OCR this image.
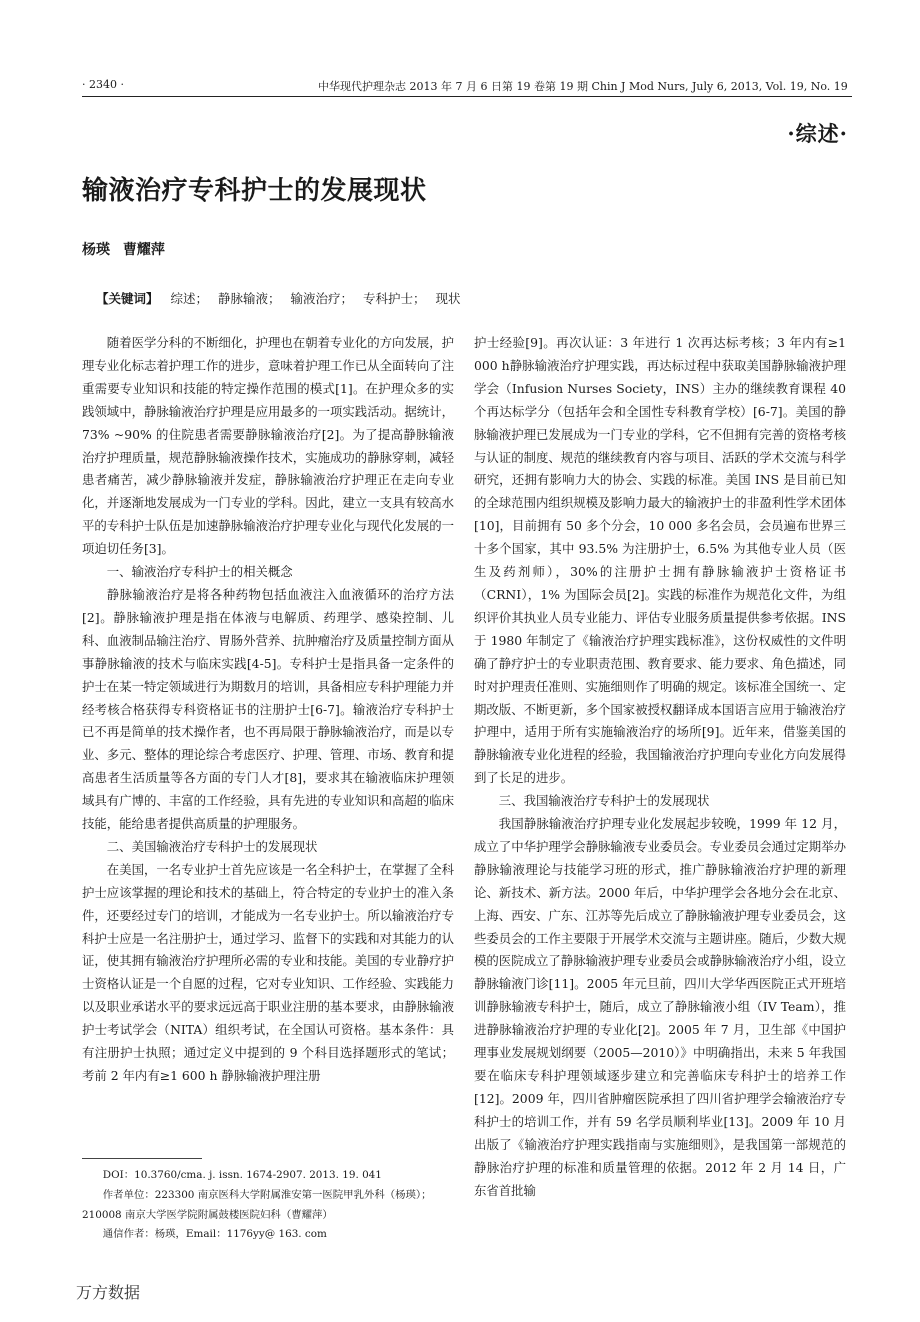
· 2340 ·	中华现代护理杂志 2013 年 7 月 6 日第 19 卷第 19 期 Chin J Mod Nurs, July 6, 2013, Vol. 19, No. 19
·综述·
输液治疗专科护士的发展现状
杨瑛 曹耀萍
【关键词】 综述； 静脉输液； 输液治疗； 专科护士； 现状

随着医学分科的不断细化，护理也在朝着专业化的方向发展，护理专业化标志着护理工作的进步，意味着护理工作已从全面转向了注重需要专业知识和技能的特定操作范围的模式[1]。在护理众多的实践领域中，静脉输液治疗护理是应用最多的一项实践活动。据统计，73% ~90% 的住院患者需要静脉输液治疗[2]。为了提高静脉输液治疗护理质量，规范静脉输液操作技术，实施成功的静脉穿刺，减轻患者痛苦，减少静脉输液并发症，静脉输液治疗护理正在走向专业化，并逐渐地发展成为一门专业的学科。因此，建立一支具有较高水平的专科护士队伍是加速静脉输液治疗护理专业化与现代化发展的一项迫切任务[3]。

一、输液治疗专科护士的相关概念

静脉输液治疗是将各种药物包括血液注入血液循环的治疗方法[2]。静脉输液护理是指在体液与电解质、药理学、感染控制、儿科、血液制品输注治疗、胃肠外营养、抗肿瘤治疗及质量控制方面从事静脉输液的技术与临床实践[4-5]。专科护士是指具备一定条件的护士在某一特定领域进行为期数月的培训，具备相应专科护理能力并经考核合格获得专科资格证书的注册护士[6-7]。输液治疗专科护士已不再是简单的技术操作者，也不再局限于静脉输液治疗，而是以专业、多元、整体的理论综合考虑医疗、护理、管理、市场、教育和提高患者生活质量等各方面的专门人才[8]，要求其在输液临床护理领域具有广博的、丰富的工作经验，具有先进的专业知识和高超的临床技能，能给患者提供高质量的护理服务。

二、美国输液治疗专科护士的发展现状

在美国，一名专业护士首先应该是一名全科护士，在掌握了全科护士应该掌握的理论和技术的基础上，符合特定的专业护士的准入条件，还要经过专门的培训，才能成为一名专业护士。所以输液治疗专科护士应是一名注册护士，通过学习、监督下的实践和对其能力的认证，使其拥有输液治疗护理所必需的专业和技能。美国的专业静疗护士资格认证是一个自愿的过程，它对专业知识、工作经验、实践能力以及职业承诺水平的要求远远高于职业注册的基本要求，由静脉输液护士考试学会（NITA）组织考试，在全国认可资格。基本条件：具有注册护士执照；通过定义中提到的 9 个科目选择题形式的笔试；考前 2 年内有≥1 600 h 静脉输液护理注册

护士经验[9]。再次认证：3 年进行 1 次再达标考核；3 年内有≥1 000 h静脉输液治疗护理实践，再达标过程中获取美国静脉输液护理学会（Infusion Nurses Society，INS）主办的继续教育课程 40 个再达标学分（包括年会和全国性专科教育学校）[6-7]。美国的静脉输液护理已发展成为一门专业的学科，它不但拥有完善的资格考核与认证的制度、规范的继续教育内容与项目、活跃的学术交流与科学研究，还拥有影响力大的协会、实践的标准。美国 INS 是目前已知的全球范围内组织规模及影响力最大的输液护士的非盈利性学术团体[10]，目前拥有 50 多个分会，10 000 多名会员，会员遍布世界三十多个国家，其中 93.5% 为注册护士，6.5% 为其他专业人员（医生及药剂师），30%的注册护士拥有静脉输液护士资格证书（CRNI），1% 为国际会员[2]。实践的标准作为规范化文件，为组织评价其执业人员专业能力、评估专业服务质量提供参考依据。INS 于 1980 年制定了《输液治疗护理实践标准》，这份权威性的文件明确了静疗护士的专业职责范围、教育要求、能力要求、角色描述，同时对护理责任准则、实施细则作了明确的规定。该标准全国统一、定期改版、不断更新，多个国家被授权翻译成本国语言应用于输液治疗护理中，适用于所有实施输液治疗的场所[9]。近年来，借鉴美国的静脉输液专业化进程的经验，我国输液治疗护理向专业化方向发展得到了长足的进步。

三、我国输液治疗专科护士的发展现状

我国静脉输液治疗护理专业化发展起步较晚，1999 年 12 月，成立了中华护理学会静脉输液专业委员会。专业委员会通过定期举办静脉输液理论与技能学习班的形式，推广静脉输液治疗护理的新理论、新技术、新方法。2000 年后，中华护理学会各地分会在北京、上海、西安、广东、江苏等先后成立了静脉输液护理专业委员会，这些委员会的工作主要限于开展学术交流与主题讲座。随后，少数大规模的医院成立了静脉输液护理专业委员会或静脉输液治疗小组，设立静脉输液门诊[11]。2005 年元旦前，四川大学华西医院正式开班培训静脉输液专科护士，随后，成立了静脉输液小组（IV Team），推进静脉输液治疗护理的专业化[2]。2005 年 7 月，卫生部《中国护理事业发展规划纲要（2005—2010）》中明确指出，未来 5 年我国要在临床专科护理领域逐步建立和完善临床专科护士的培养工作[12]。2009 年，四川省肿瘤医院承担了四川省护理学会输液治疗专科护士的培训工作，并有 59 名学员顺利毕业[13]。2009 年 10 月出版了《输液治疗护理实践指南与实施细则》，是我国第一部规范的静脉治疗护理的标准和质量管理的依据。2012 年 2 月 14 日，广东省首批输

DOI：10.3760/cma. j. issn. 1674-2907. 2013. 19. 041

作者单位：223300 南京医科大学附属淮安第一医院甲乳外科（杨瑛）；210008 南京大学医学院附属鼓楼医院妇科（曹耀萍）

通信作者：杨瑛，Email：1176yy@ 163. com

万方数据
